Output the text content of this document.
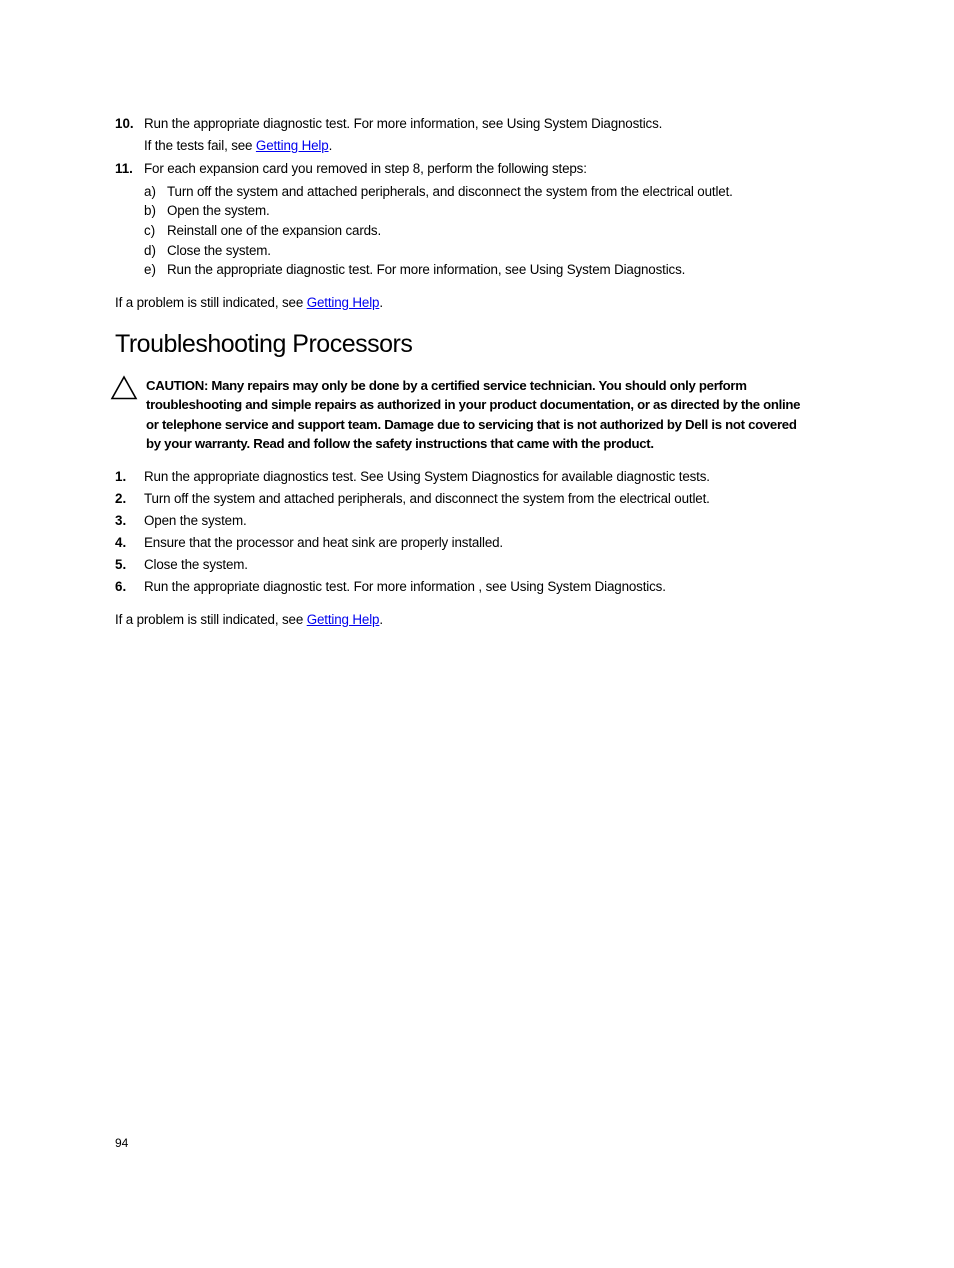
10. Run the appropriate diagnostic test. For more information, see Using System Diagnostics.
If the tests fail, see Getting Help.
11. For each expansion card you removed in step 8, perform the following steps:
a) Turn off the system and attached peripherals, and disconnect the system from the electrical outlet.
b) Open the system.
c) Reinstall one of the expansion cards.
d) Close the system.
e) Run the appropriate diagnostic test. For more information, see Using System Diagnostics.
If a problem is still indicated, see Getting Help.
Troubleshooting Processors
CAUTION: Many repairs may only be done by a certified service technician. You should only perform troubleshooting and simple repairs as authorized in your product documentation, or as directed by the online or telephone service and support team. Damage due to servicing that is not authorized by Dell is not covered by your warranty. Read and follow the safety instructions that came with the product.
1. Run the appropriate diagnostics test. See Using System Diagnostics for available diagnostic tests.
2. Turn off the system and attached peripherals, and disconnect the system from the electrical outlet.
3. Open the system.
4. Ensure that the processor and heat sink are properly installed.
5. Close the system.
6. Run the appropriate diagnostic test. For more information , see Using System Diagnostics.
If a problem is still indicated, see Getting Help.
94
